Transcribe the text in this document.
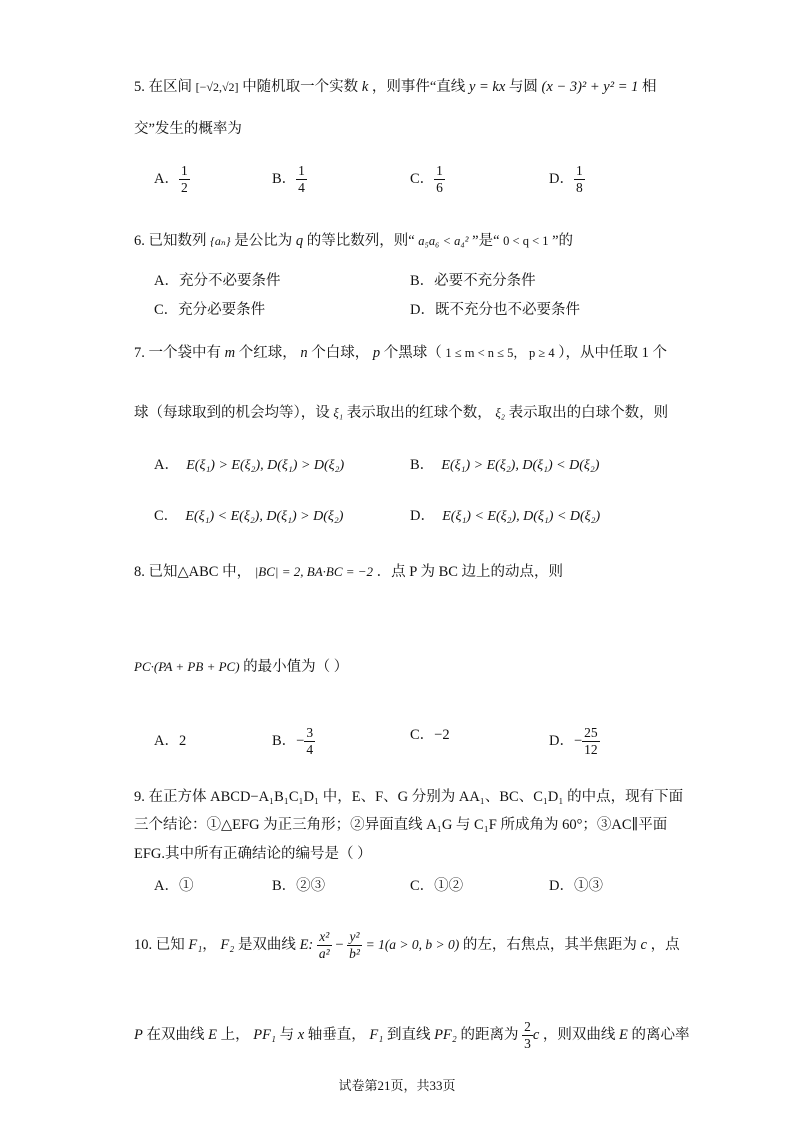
5. 在区间 [−√2,√2] 中随机取一个实数 k ，则事件“直线 y = kx 与圆 (x − 3)² + y² = 1 相
交”发生的概率为
A． $\frac{1}{2}$	B． $\frac{1}{4}$	C． $\frac{1}{6}$	D． $\frac{1}{8}$
6. 已知数列 {aₙ} 是公比为 q 的等比数列，则“ a₅a₆ < a₄² ”是“ 0 < q < 1 ”的
A．充分不必要条件	B．必要不充分条件
C．充分必要条件	D．既不充分也不必要条件
7. 一个袋中有 m 个红球， n 个白球， p 个黑球（ 1 ≤ m < n ≤ 5， p ≥ 4 ），从中任取 1 个
球（每球取到的机会均等），设 ξ₁ 表示取出的红球个数， ξ₂ 表示取出的白球个数，则
A． E(ξ₁) > E(ξ₂), D(ξ₁) > D(ξ₂)	B． E(ξ₁) > E(ξ₂), D(ξ₁) < D(ξ₂)
C． E(ξ₁) < E(ξ₂), D(ξ₁) > D(ξ₂)	D． E(ξ₁) < E(ξ₂), D(ξ₁) < D(ξ₂)
8. 已知△ABC 中， |BC| = 2, BA·BC = −2 ．点 P 为 BC 边上的动点，则
PC·(PA + PB + PC) 的最小值为（ ）
A．2	B．− $\frac{3}{4}$	C．−2	D．− $\frac{25}{12}$
9. 在正方体 ABCD−A₁B₁C₁D₁ 中，E、F、G 分别为 AA₁、BC、C₁D₁ 的中点，现有下面
三个结论：①△EFG 为正三角形；②异面直线 A₁G 与 C₁F 所成角为 60°；③AC∥平面
EFG.其中所有正确结论的编号是（ ）
A．①	B．②③	C．①②	D．①③
10. 已知 F₁， F₂ 是双曲线 E: $\frac{\text{x²}}{\text{a²}} - \frac{\text{y²}}{\text{b²}} = 1(a > 0$, b > 0) 的左，右焦点，其半焦距为 c ，点
P 在双曲线 E 上， PF₁ 与 x 轴垂直， F₁ 到直线 PF₂ 的距离为 $\frac{2}{3}$ c ，则双曲线 E 的离心率
试卷第21页，共33页
